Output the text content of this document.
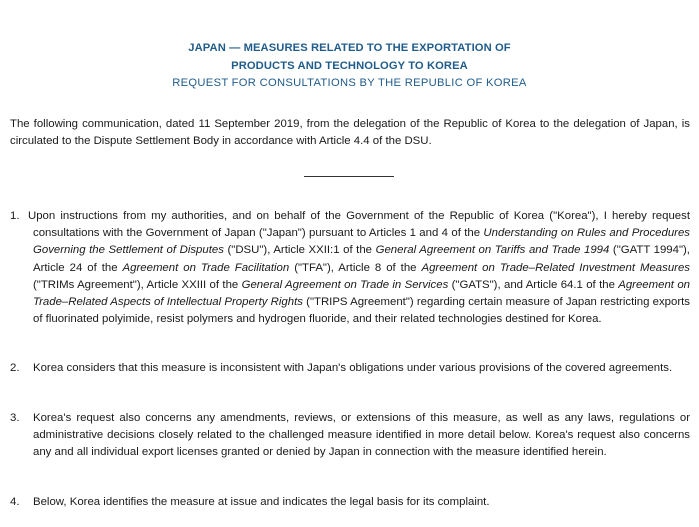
JAPAN — MEASURES RELATED TO THE EXPORTATION OF
PRODUCTS AND TECHNOLOGY TO KOREA
REQUEST FOR CONSULTATIONS BY THE REPUBLIC OF KOREA
The following communication, dated 11 September 2019, from the delegation of the Republic of Korea to the delegation of Japan, is circulated to the Dispute Settlement Body in accordance with Article 4.4 of the DSU.
1. Upon instructions from my authorities, and on behalf of the Government of the Republic of Korea ("Korea"), I hereby request consultations with the Government of Japan ("Japan") pursuant to Articles 1 and 4 of the Understanding on Rules and Procedures Governing the Settlement of Disputes ("DSU"), Article XXII:1 of the General Agreement on Tariffs and Trade 1994 ("GATT 1994"), Article 24 of the Agreement on Trade Facilitation ("TFA"), Article 8 of the Agreement on Trade–Related Investment Measures ("TRIMs Agreement"), Article XXIII of the General Agreement on Trade in Services ("GATS"), and Article 64.1 of the Agreement on Trade–Related Aspects of Intellectual Property Rights ("TRIPS Agreement") regarding certain measure of Japan restricting exports of fluorinated polyimide, resist polymers and hydrogen fluoride, and their related technologies destined for Korea.
2.	Korea considers that this measure is inconsistent with Japan's obligations under various provisions of the covered agreements.
3.	Korea's request also concerns any amendments, reviews, or extensions of this measure, as well as any laws, regulations or administrative decisions closely related to the challenged measure identified in more detail below. Korea's request also concerns any and all individual export licenses granted or denied by Japan in connection with the measure identified herein.
4.	Below, Korea identifies the measure at issue and indicates the legal basis for its complaint.
